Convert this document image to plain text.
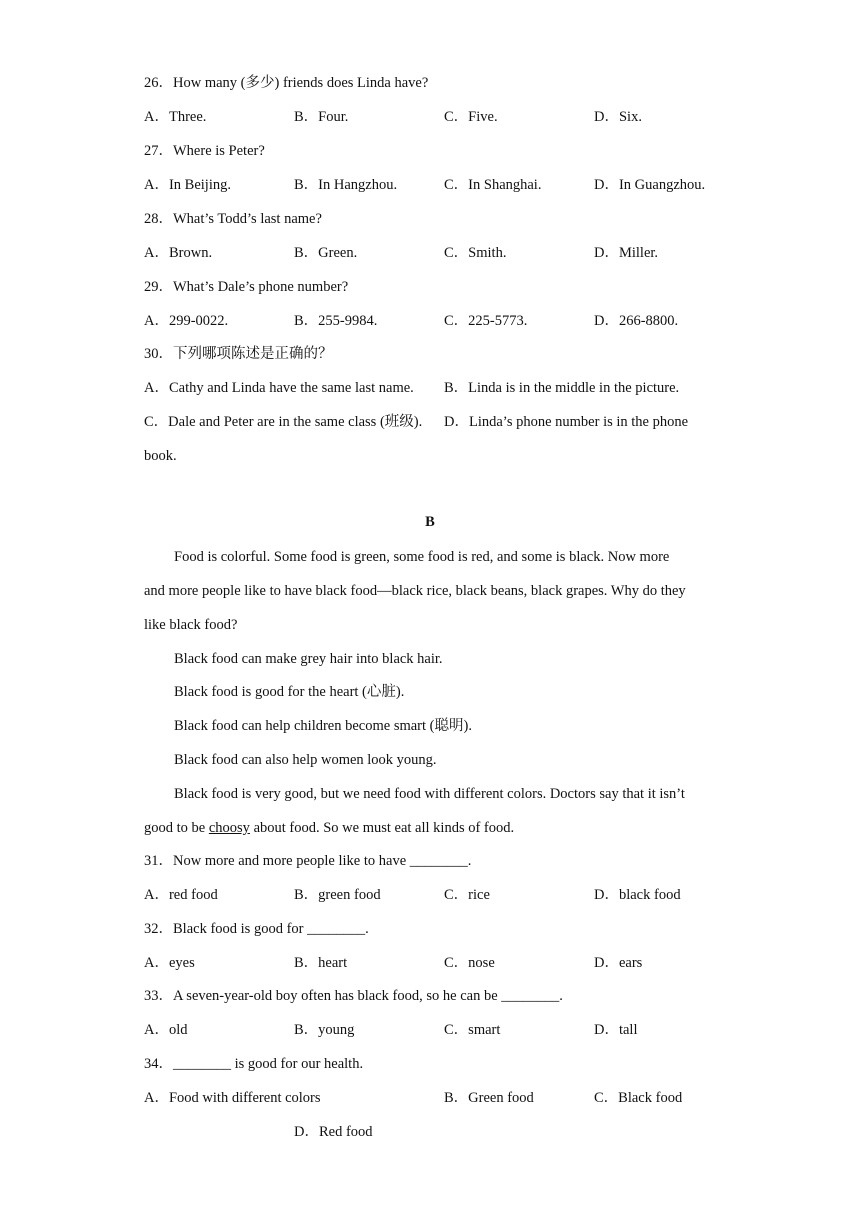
26．How many (多少) friends does Linda have?
A．Three.	B．Four.	C．Five.	D．Six.
27．Where is Peter?
A．In Beijing.	B．In Hangzhou.	C．In Shanghai.	D．In Guangzhou.
28．What’s Todd’s last name?
A．Brown.	B．Green.	C．Smith.	D．Miller.
29．What’s Dale’s phone number?
A．299-0022.	B．255-9984.	C．225-5773.	D．266-8800.
30．下列哪项陈述是正确的？
A．Cathy and Linda have the same last name. B．Linda is in the middle in the picture.
C．Dale and Peter are in the same class (班级). D．Linda’s phone number is in the phone
book.
B
Food is colorful. Some food is green, some food is red, and some is black. Now more
and more people like to have black food—black rice, black beans, black grapes. Why do they
like black food?
Black food can make grey hair into black hair.
Black food is good for the heart (心脏).
Black food can help children become smart (聪明).
Black food can also help women look young.
Black food is very good, but we need food with different colors. Doctors say that it isn’t
good to be choosy about food. So we must eat all kinds of food.
31．Now more and more people like to have ________.
A．red food	B．green food	C．rice	D．black food
32．Black food is good for ________.
A．eyes	B．heart	C．nose	D．ears
33．A seven-year-old boy often has black food, so he can be ________.
A．old	B．young	C．smart	D．tall
34．________ is good for our health.
A．Food with different colors	B．Green food	C．Black food
D．Red food
